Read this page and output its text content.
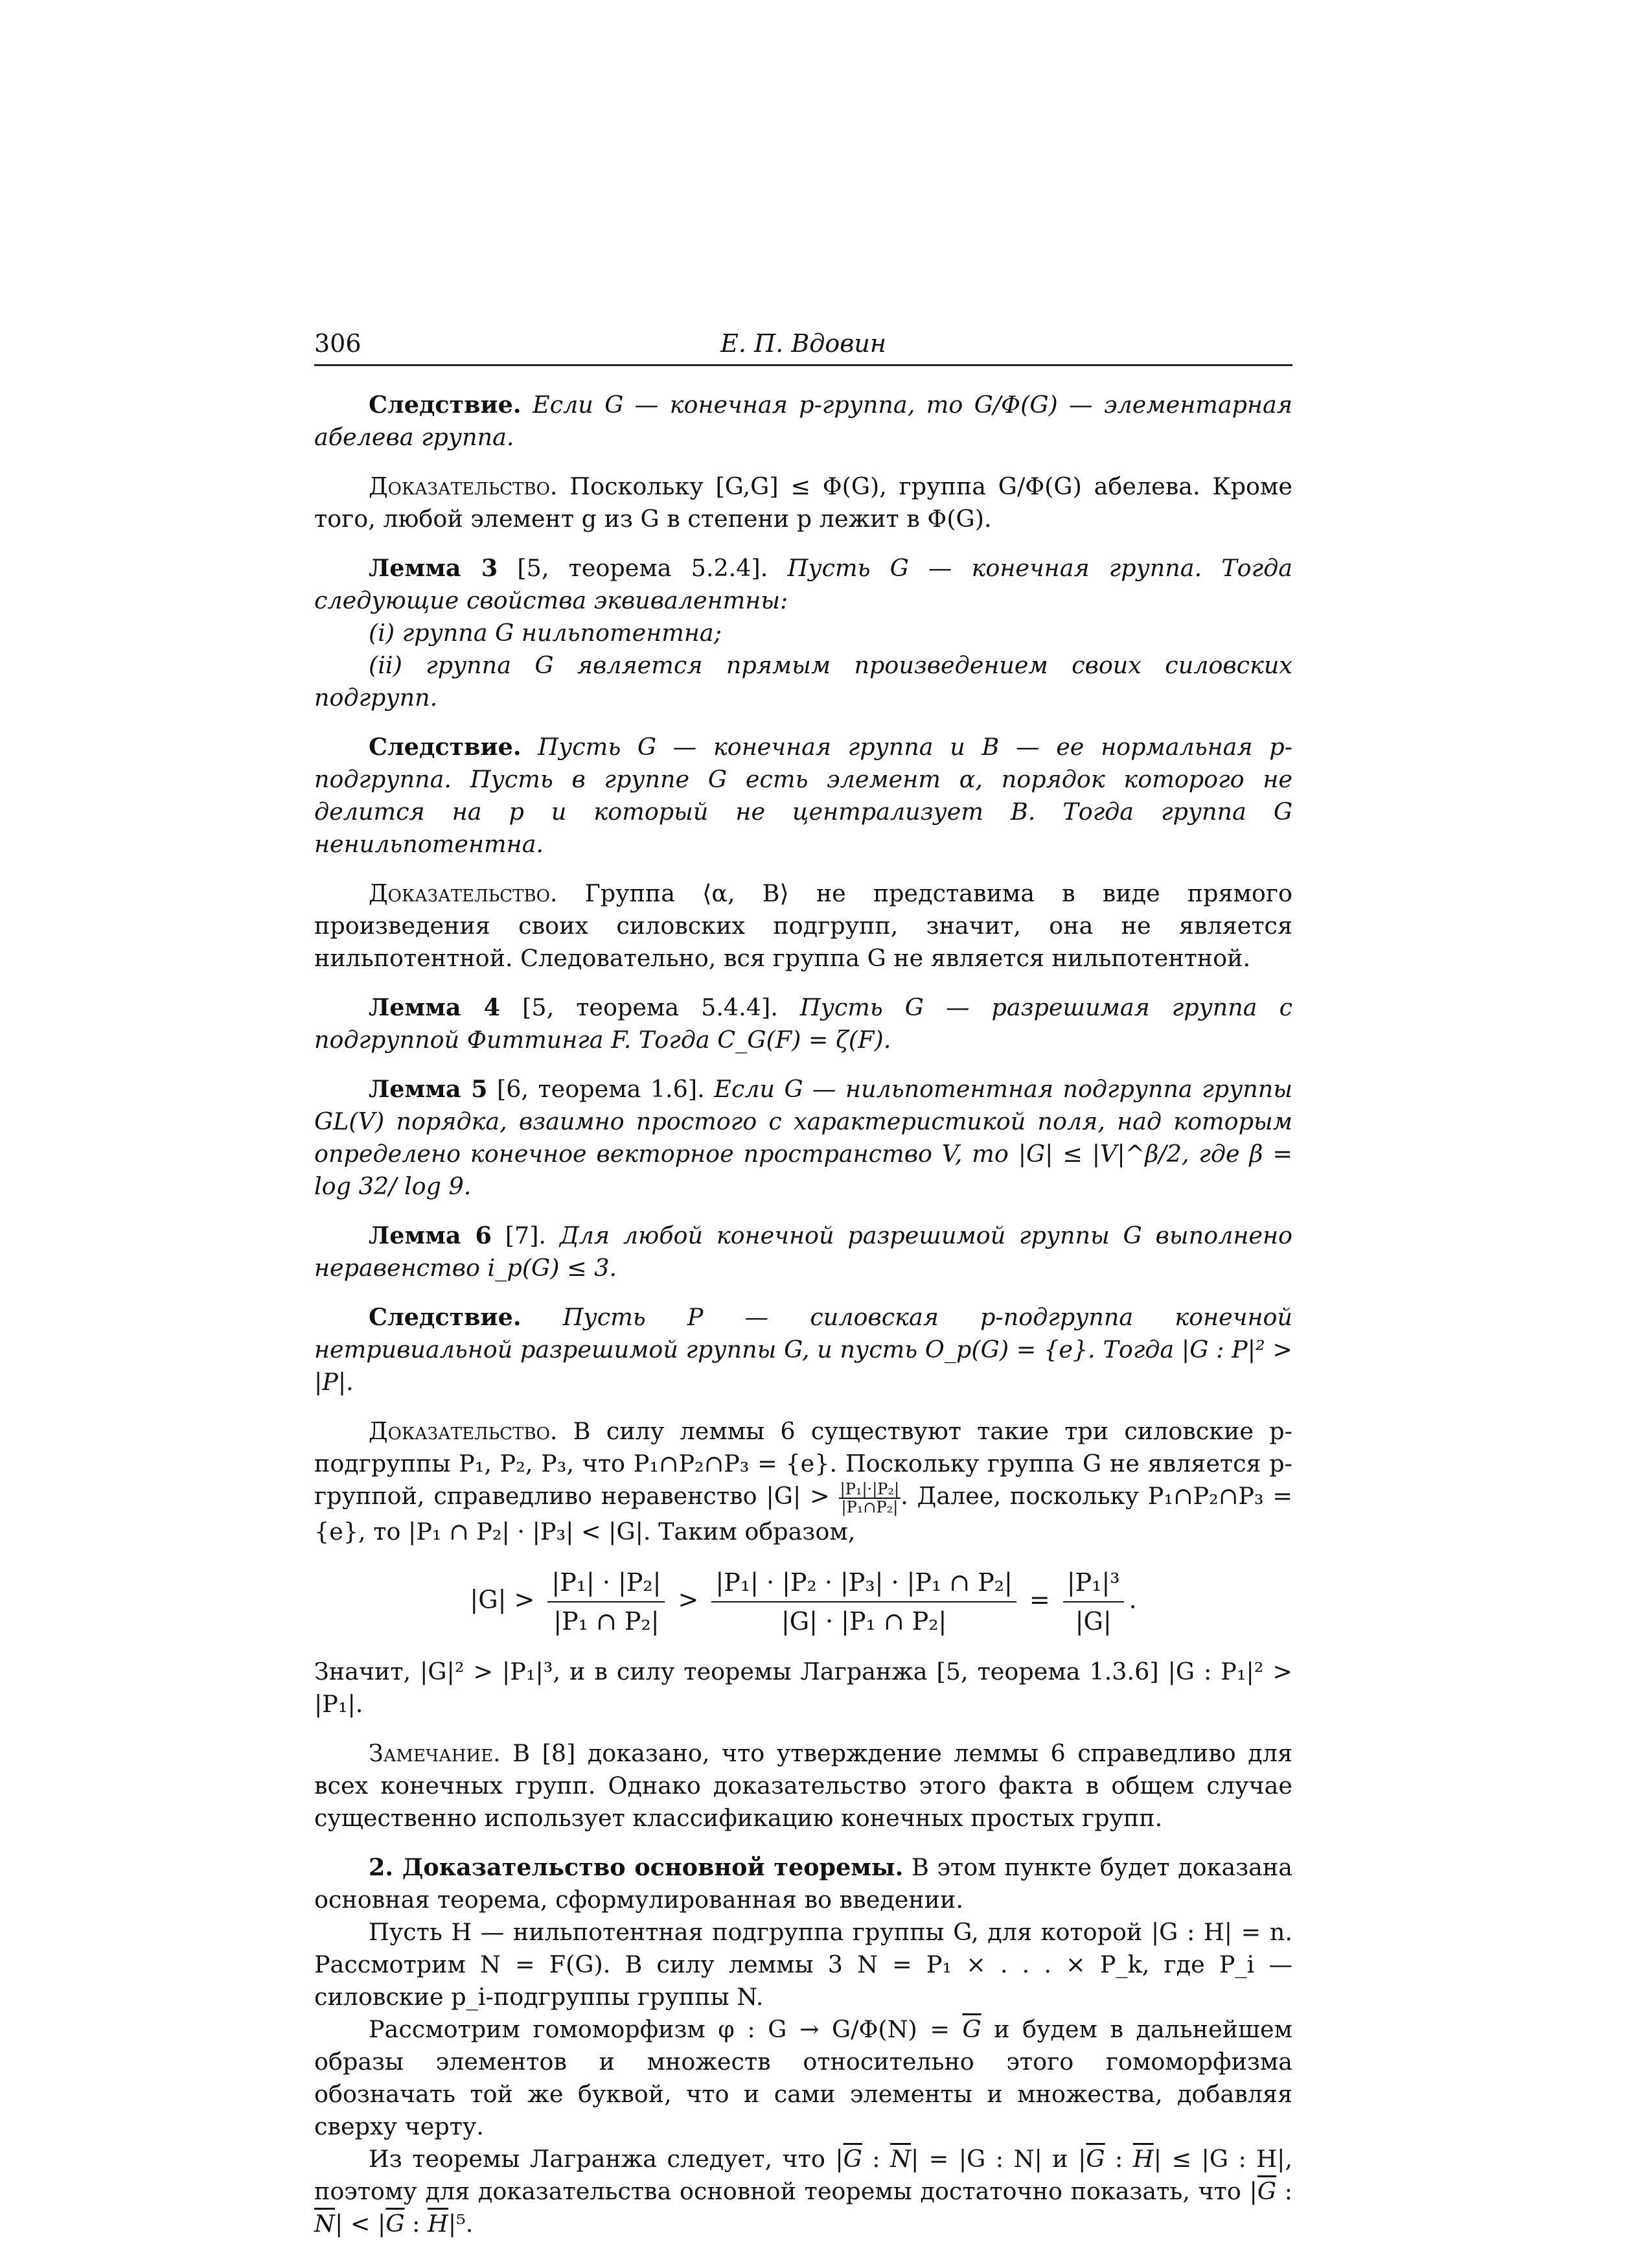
306	Е. П. Вдовин

Следствие. Если G — конечная p-группа, то G/Φ(G) — элементарная абелева группа.

Доказательство. Поскольку [G,G] ≤ Φ(G), группа G/Φ(G) абелева. Кроме того, любой элемент g из G в степени p лежит в Φ(G).

Лемма 3 [5, теорема 5.2.4]. Пусть G — конечная группа. Тогда следующие свойства эквивалентны:

(i) группа G нильпотентна;

(ii) группа G является прямым произведением своих силовских подгрупп.

Следствие. Пусть G — конечная группа и B — ее нормальная p-подгруппа. Пусть в группе G есть элемент α, порядок которого не делится на p и который не централизует B. Тогда группа G ненильпотентна.

Доказательство. Группа ⟨α, B⟩ не представима в виде прямого произведения своих силовских подгрупп, значит, она не является нильпотентной. Следовательно, вся группа G не является нильпотентной.

Лемма 4 [5, теорема 5.4.4]. Пусть G — разрешимая группа с подгруппой Фиттинга F. Тогда C_G(F) = ζ(F).

Лемма 5 [6, теорема 1.6]. Если G — нильпотентная подгруппа группы GL(V) порядка, взаимно простого с характеристикой поля, над которым определено конечное векторное пространство V, то |G| ≤ |V|^β/2, где β = log 32/ log 9.

Лемма 6 [7]. Для любой конечной разрешимой группы G выполнено неравенство i_p(G) ≤ 3.

Следствие. Пусть P — силовская p-подгруппа конечной нетривиальной разрешимой группы G, и пусть O_p(G) = {e}. Тогда |G : P|² > |P|.

Доказательство. В силу леммы 6 существуют такие три силовские p-подгруппы P₁, P₂, P₃, что P₁∩P₂∩P₃ = {e}. Поскольку группа G не является p-группой, справедливо неравенство $|G| > \frac{\text{|P₁|·|P₂|}}{\text{|P₁∩P₂|}}$ . Далее, поскольку P₁∩P₂∩P₃ = {e}, то |P₁ ∩ P₂| · |P₃| < |G|. Таким образом,

$|G| > \frac{\text{|P₁| · |P₂|}}{\text{|P₁ ∩ P₂|}} > \frac{\text{|P₁| · |P₂ · |P₃| · |P₁ ∩ P₂|}}{\text{|G| · |P₁ ∩ P₂|}} = \frac{\text{|P₁|³}}{|G|}$ .

Значит, |G|² > |P₁|³, и в силу теоремы Лагранжа [5, теорема 1.3.6] |G : P₁|² > |P₁|.

Замечание. В [8] доказано, что утверждение леммы 6 справедливо для всех конечных групп. Однако доказательство этого факта в общем случае существенно использует классификацию конечных простых групп.

2. Доказательство основной теоремы. В этом пункте будет доказана основная теорема, сформулированная во введении.

Пусть H — нильпотентная подгруппа группы G, для которой |G : H| = n. Рассмотрим N = F(G). В силу леммы 3 N = P₁ × . . . × P_k, где P_i — силовские p_i-подгруппы группы N.

Рассмотрим гомоморфизм φ : $G \to G/\Phi(N) = \overline{G}$ и будем в дальнейшем образы элементов и множеств относительно этого гомоморфизма обозначать той же буквой, что и сами элементы и множества, добавляя сверху черту.

Из теоремы Лагранжа следует, что $|\overline{G}$ : $\overline{N}| = |G$ : N| и $|\overline{G}$ : $\overline{H}| \le |G$ : H|, поэтому для доказательства основной теоремы достаточно показать, что $|\overline{G}$ : $\overline{N}| < |\overline{G}$ : $\overline{H}|^5$.
